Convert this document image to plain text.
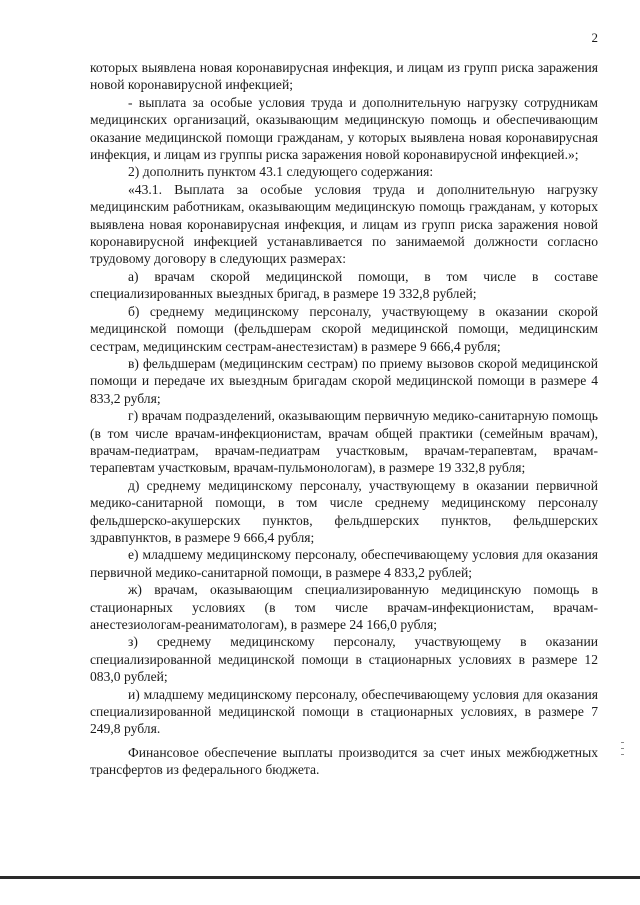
2

которых выявлена новая коронавирусная инфекция, и лицам из групп риска заражения новой коронавирусной инфекцией;

- выплата за особые условия труда и дополнительную нагрузку сотрудникам медицинских организаций, оказывающим медицинскую помощь и обеспечивающим оказание медицинской помощи гражданам, у которых выявлена новая коронавирусная инфекция, и лицам из группы риска заражения новой коронавирусной инфекцией.»;

2) дополнить пунктом 43.1 следующего содержания:

«43.1. Выплата за особые условия труда и дополнительную нагрузку медицинским работникам, оказывающим медицинскую помощь гражданам, у которых выявлена новая коронавирусная инфекция, и лицам из групп риска заражения новой коронавирусной инфекцией устанавливается по занимаемой должности согласно трудовому договору в следующих размерах:

а) врачам скорой медицинской помощи, в том числе в составе специализированных выездных бригад, в размере 19 332,8 рублей;

б) среднему медицинскому персоналу, участвующему в оказании скорой медицинской помощи (фельдшерам скорой медицинской помощи, медицинским сестрам, медицинским сестрам-анестезистам) в размере 9 666,4 рубля;

в) фельдшерам (медицинским сестрам) по приему вызовов скорой медицинской помощи и передаче их выездным бригадам скорой медицинской помощи в размере 4 833,2 рубля;

г) врачам подразделений, оказывающим первичную медико-санитарную помощь (в том числе врачам-инфекционистам, врачам общей практики (семейным врачам), врачам-педиатрам, врачам-педиатрам участковым, врачам-терапевтам, врачам-терапевтам участковым, врачам-пульмонологам), в размере 19 332,8 рубля;

д) среднему медицинскому персоналу, участвующему в оказании первичной медико-санитарной помощи, в том числе среднему медицинскому персоналу фельдшерско-акушерских пунктов, фельдшерских пунктов, фельдшерских здравпунктов, в размере 9 666,4 рубля;

е) младшему медицинскому персоналу, обеспечивающему условия для оказания первичной медико-санитарной помощи, в размере 4 833,2 рублей;

ж) врачам, оказывающим специализированную медицинскую помощь в стационарных условиях (в том числе врачам-инфекционистам, врачам-анестезиологам-реаниматологам), в размере 24 166,0 рубля;

з) среднему медицинскому персоналу, участвующему в оказании специализированной медицинской помощи в стационарных условиях в размере 12 083,0 рублей;

и) младшему медицинскому персоналу, обеспечивающему условия для оказания специализированной медицинской помощи в стационарных условиях, в размере 7 249,8 рубля.

Финансовое обеспечение выплаты производится за счет иных межбюджетных трансфертов из федерального бюджета.
